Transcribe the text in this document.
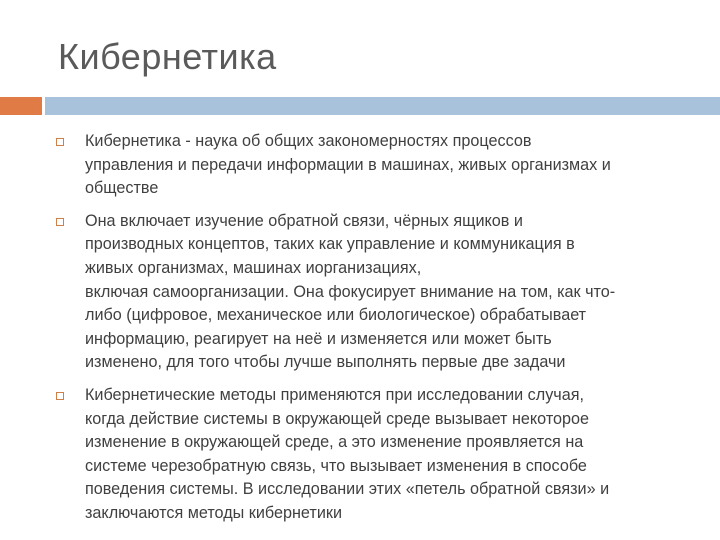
Кибернетика
Кибернетика - наука об общих закономерностях процессов
управления и передачи информации в машинах, живых организмах и
обществе
Она включает изучение обратной связи, чёрных ящиков и
производных концептов, таких как управление и коммуникация в
живых организмах, машинах иорганизациях,
включая самоорганизации. Она фокусирует внимание на том, как что-
либо (цифровое, механическое или биологическое) обрабатывает
информацию, реагирует на неё и изменяется или может быть
изменено, для того чтобы лучше выполнять первые две задачи
Кибернетические методы применяются при исследовании случая,
когда действие системы в окружающей среде вызывает некоторое
изменение в окружающей среде, а это изменение проявляется на
системе черезобратную связь, что вызывает изменения в способе
поведения системы. В исследовании этих «петель обратной связи» и
заключаются методы кибернетики
